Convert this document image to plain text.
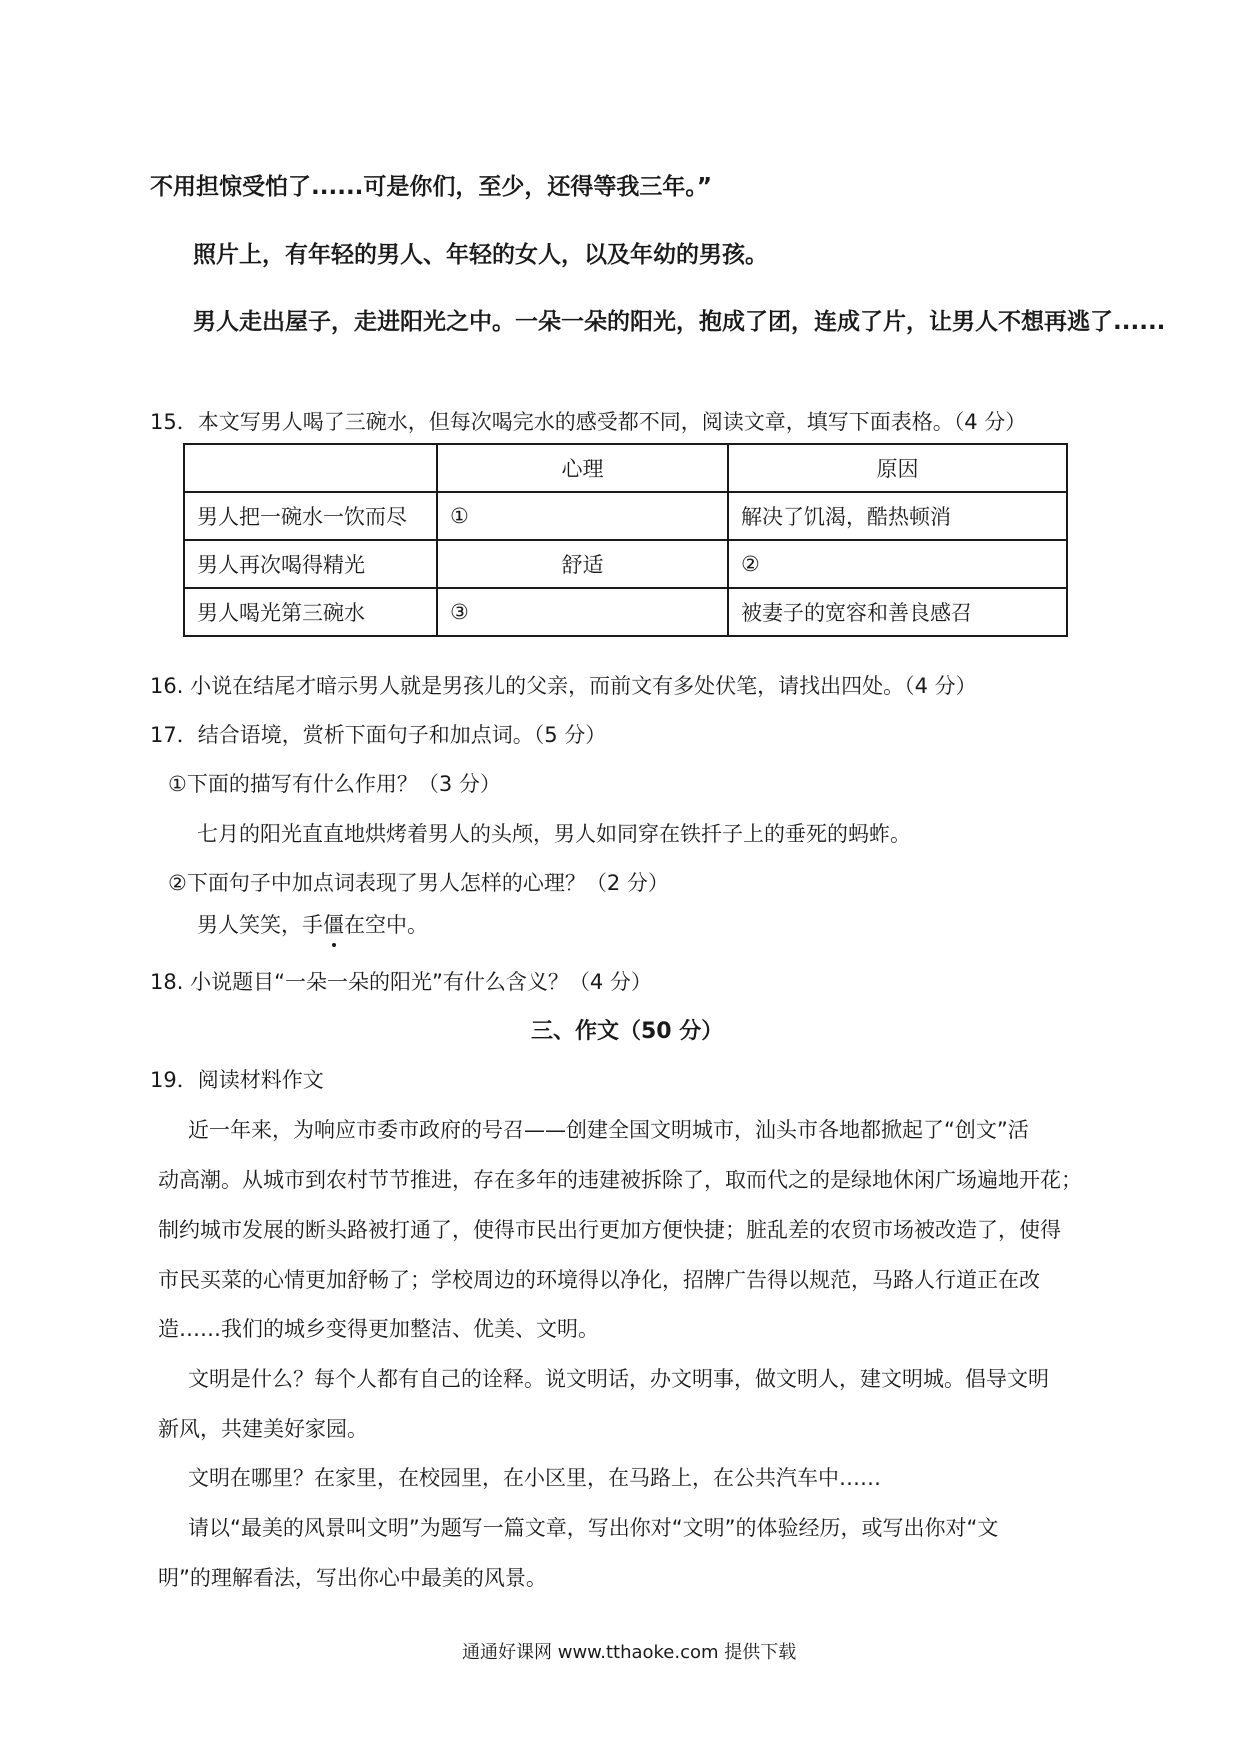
不用担惊受怕了......可是你们，至少，还得等我三年。”
照片上，有年轻的男人、年轻的女人，以及年幼的男孩。
男人走出屋子，走进阳光之中。一朵一朵的阳光，抱成了团，连成了片，让男人不想再逃了......
15．本文写男人喝了三碗水，但每次喝完水的感受都不同，阅读文章，填写下面表格。（4 分）
	心理	原因
男人把一碗水一饮而尽	①	解决了饥渴，酷热顿消
男人再次喝得精光	舒适	②
男人喝光第三碗水	③	被妻子的宽容和善良感召
16. 小说在结尾才暗示男人就是男孩儿的父亲，而前文有多处伏笔，请找出四处。（4 分）
17．结合语境，赏析下面句子和加点词。（5 分）
①下面的描写有什么作用？（3 分）
七月的阳光直直地烘烤着男人的头颅，男人如同穿在铁扦子上的垂死的蚂蚱。
②下面句子中加点词表现了男人怎样的心理？（2 分）
男人笑笑，手僵在空中。
18. 小说题目“一朵一朵的阳光”有什么含义？（4 分）
三、作文（50 分）
19．阅读材料作文
近一年来，为响应市委市政府的号召——创建全国文明城市，汕头市各地都掀起了“创文”活
动高潮。从城市到农村节节推进，存在多年的违建被拆除了，取而代之的是绿地休闲广场遍地开花；
制约城市发展的断头路被打通了，使得市民出行更加方便快捷；脏乱差的农贸市场被改造了，使得
市民买菜的心情更加舒畅了；学校周边的环境得以净化，招牌广告得以规范，马路人行道正在改
造……我们的城乡变得更加整洁、优美、文明。
文明是什么？每个人都有自己的诠释。说文明话，办文明事，做文明人，建文明城。倡导文明
新风，共建美好家园。
文明在哪里？在家里，在校园里，在小区里，在马路上，在公共汽车中……
请以“最美的风景叫文明”为题写一篇文章，写出你对“文明”的体验经历，或写出你对“文
明”的理解看法，写出你心中最美的风景。
通通好课网 www.tthaoke.com 提供下载
